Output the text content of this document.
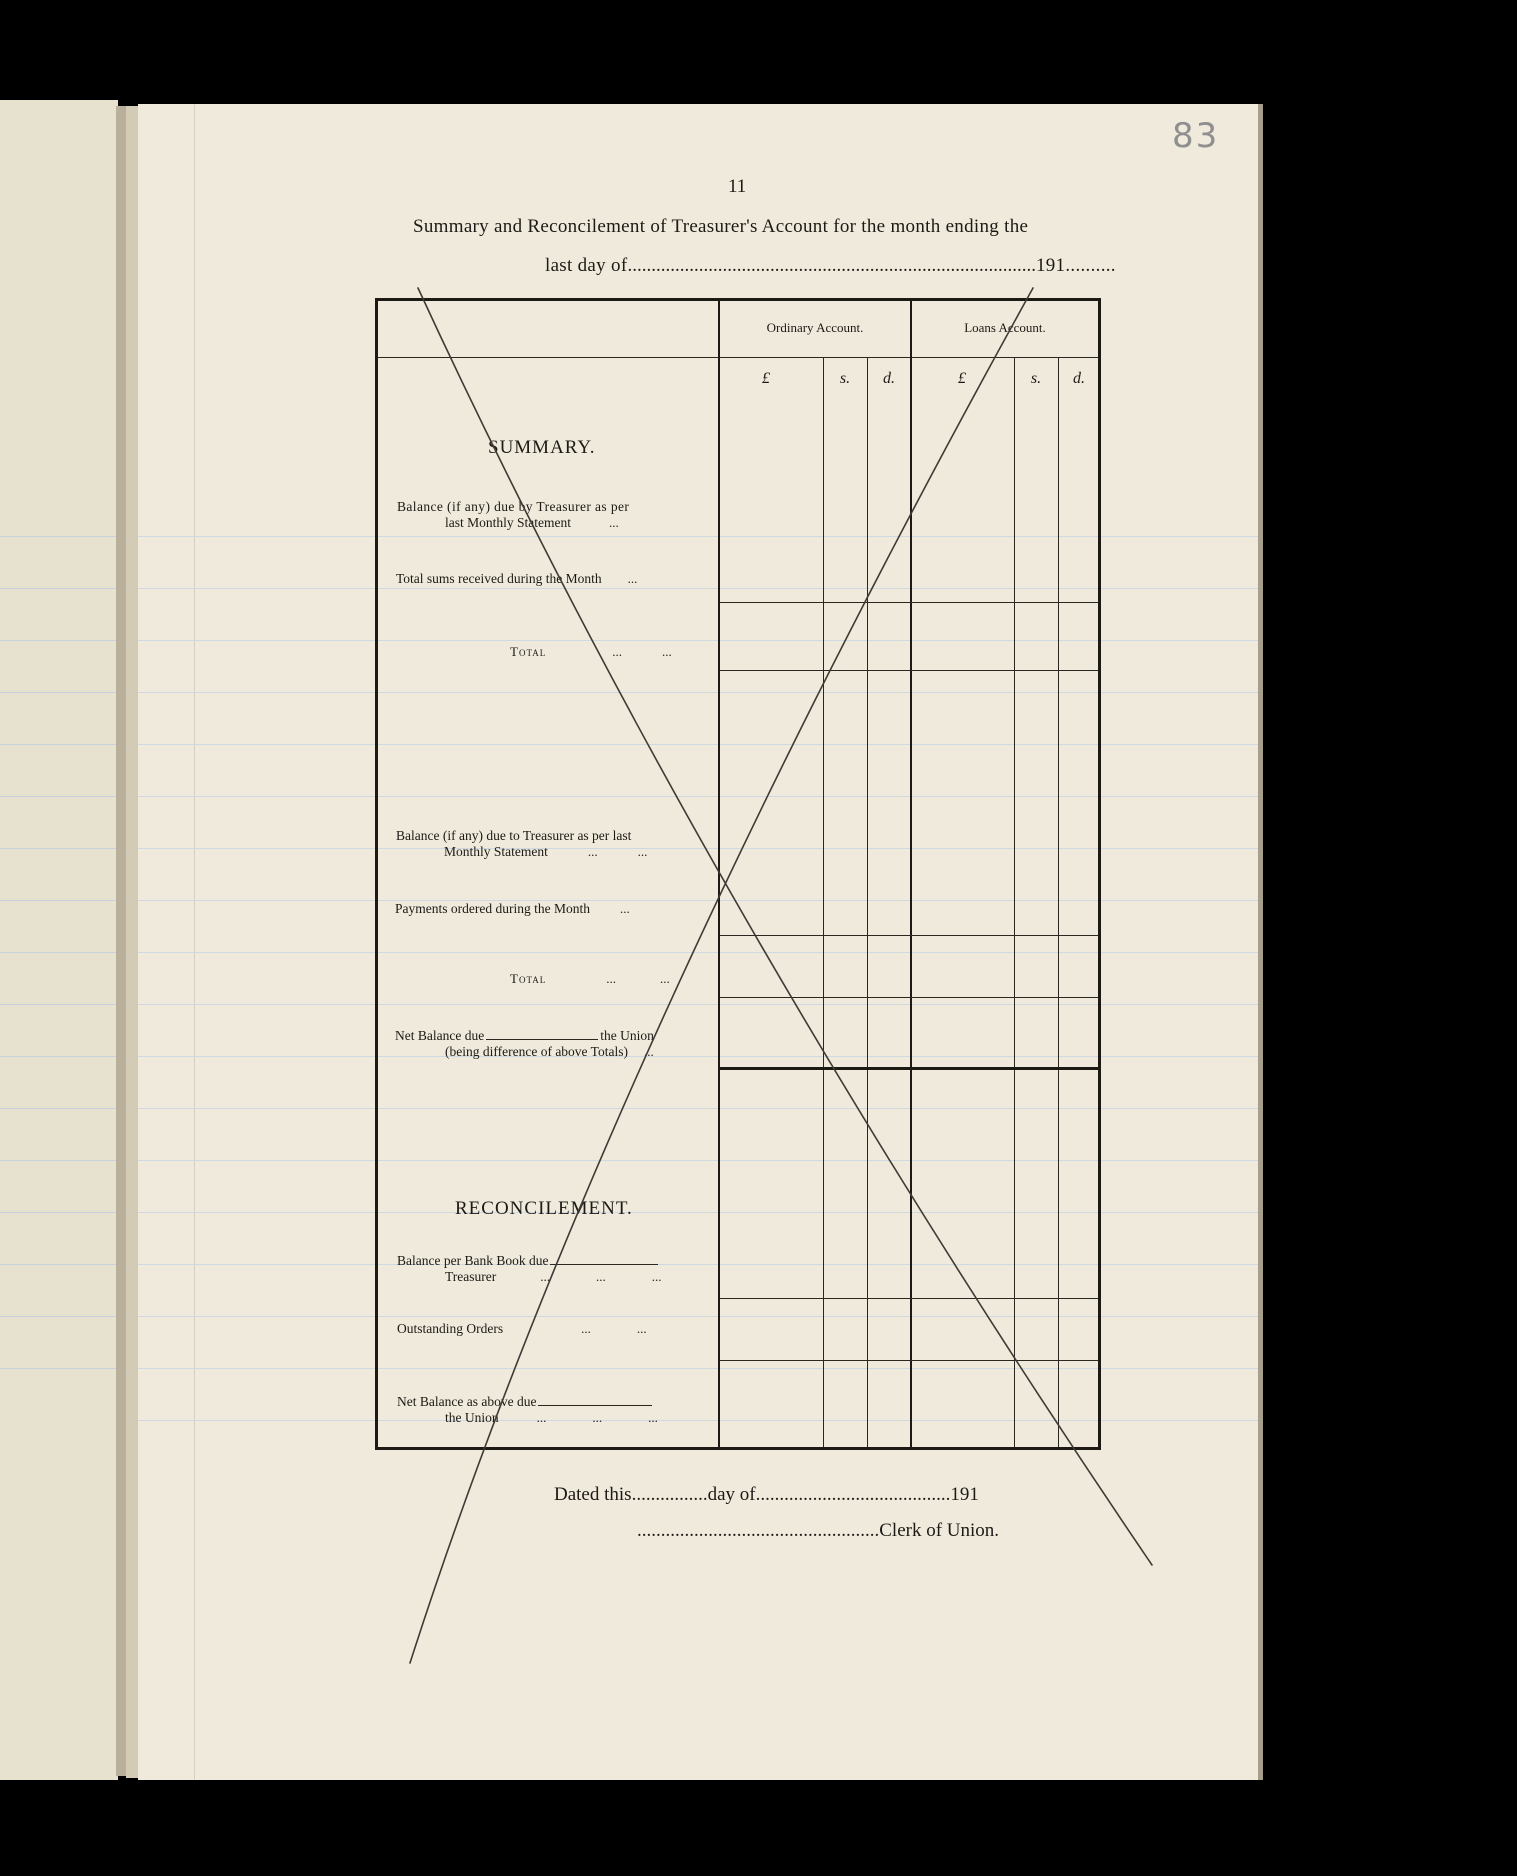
83
11
Summary and Reconcilement of Treasurer's Account for the month ending the
last day of......................................................................................191..........
Ordinary Account.	Loans Account.
£	s.	d.	£	s.	d.
SUMMARY.
Balance (if any) due by Treasurer as per
last Monthly Statement	...
Total sums received during the Month ...
Total	...	...
Balance (if any) due to Treasurer as per last
Monthly Statement	...	...
Payments ordered during the Month ...
Total	...	...
Net Balance due	the Union
(being difference of above Totals) ...
RECONCILEMENT.
Balance per Bank Book due
Treasurer	...	...	...
Outstanding Orders	...	...
Net Balance as above due
the Union	...	...	...
Dated this................day of.........................................191
...................................................Clerk of Union.
